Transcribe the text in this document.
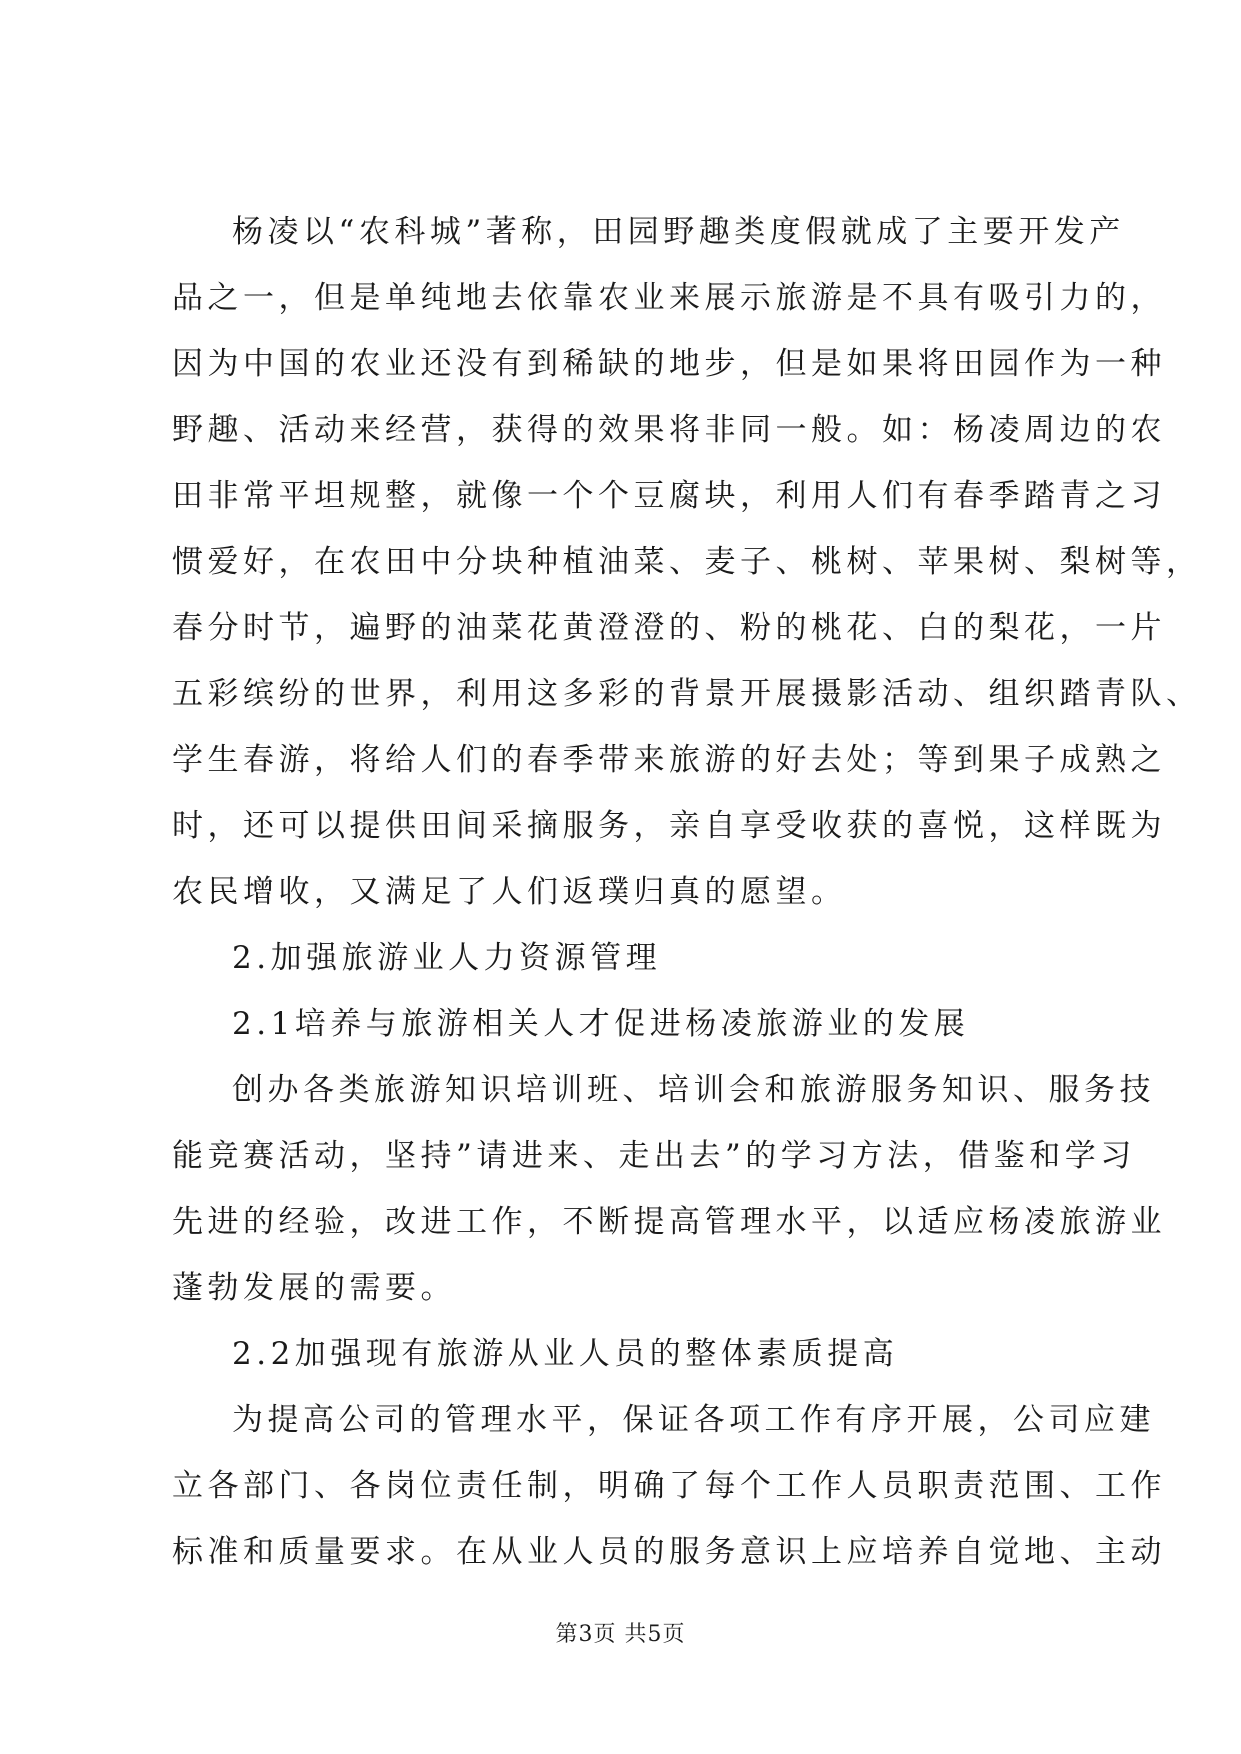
杨凌以“农科城”著称，田园野趣类度假就成了主要开发产
品之一，但是单纯地去依靠农业来展示旅游是不具有吸引力的，
因为中国的农业还没有到稀缺的地步，但是如果将田园作为一种
野趣、活动来经营，获得的效果将非同一般。如：杨凌周边的农
田非常平坦规整，就像一个个豆腐块，利用人们有春季踏青之习
惯爱好，在农田中分块种植油菜、麦子、桃树、苹果树、梨树等，
春分时节，遍野的油菜花黄澄澄的、粉的桃花、白的梨花，一片
五彩缤纷的世界，利用这多彩的背景开展摄影活动、组织踏青队、
学生春游，将给人们的春季带来旅游的好去处；等到果子成熟之
时，还可以提供田间采摘服务，亲自享受收获的喜悦，这样既为
农民增收，又满足了人们返璞归真的愿望。
2.加强旅游业人力资源管理
2.1培养与旅游相关人才促进杨凌旅游业的发展
创办各类旅游知识培训班、培训会和旅游服务知识、服务技
能竞赛活动，坚持”请进来、走出去”的学习方法，借鉴和学习
先进的经验，改进工作，不断提高管理水平，以适应杨凌旅游业
蓬勃发展的需要。
2.2加强现有旅游从业人员的整体素质提高
为提高公司的管理水平，保证各项工作有序开展，公司应建
立各部门、各岗位责任制，明确了每个工作人员职责范围、工作
标准和质量要求。在从业人员的服务意识上应培养自觉地、主动
第3页 共5页
